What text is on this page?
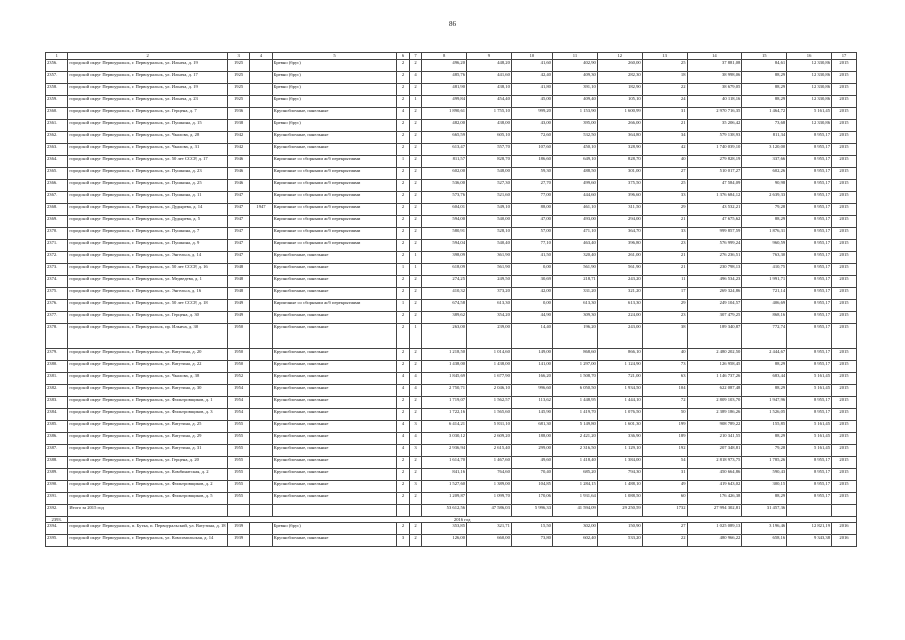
86
1	2	3	4	5	6	7	8	9	10	11	12	13	14	15	16	17
2356.	городской округ Первоуральск, г. Первоуральск, ул. Ильича, д. 19	1925		Бревно (брус)	2	2	496,20	448,20	41,60	402,90	260,00	25	37 881,08	84,61	12 330,86	2015
2357.	городской округ Первоуральск, г. Первоуральск, ул. Ильича, д. 17	1925		Бревно (брус)	2	4	485,76	441,60	42,40	409,30	282,30	18	38 998,06	88,29	12 330,86	2015
2358.	городской округ Первоуральск, г. Первоуральск, ул. Ильича, д. 19	1925		Бревно (брус)	2	2	481,90	438,10	41,80	391,10	182,90	22	38 679,05	88,29	12 330,86	2015
2359.	городской округ Первоуральск, г. Первоуральск, ул. Ильича, д. 23	1925		Бревно (брус)	2	1	499,84	454,40	45,00	409,40	105,10	24	40 118,16	88,29	12 330,86	2015
2360.	городской округ Первоуральск, г. Первоуральск, ул. Герцена, д. 7	1936		Крупноблочные, панельные	4	2	1 890,61	1 755,10	999,20	1 153,90	1 600,99	31	2 970 716,35	1 464,72	5 161,45	2015
2361.	городской округ Первоуральск, г. Первоуральск, ул. Пушкина, д. 15	1938		Бревно (брус)	2	2	482,00	438,00	43,00	395,00	266,00	21	35 206,42	73,68	12 330,86	2015
2362.	городской округ Первоуральск, г. Первоуральск, ул. Чкалова, д. 28	1942		Крупноблочные, панельные	2	2	665,59	605,10	72,60	532,50	364,80	34	579 138,93	811,34	8 955,17	2015
2363.	городской округ Первоуральск, г. Первоуральск, ул. Чкалова, д. 31	1942		Крупноблочные, панельные	2	2	613,47	557,70	107,60	450,10	328,90	42	1 740 039,10	3 120,00	8 955,17	2015
2364.	городской округ Первоуральск, г. Первоуральск, ул. 50 лет СССР, д. 17	1946		Кирпичные со сборными ж/б перекрытиями	1	2	811,57	828,70	186,60	649,10	828,70	40	279 828,19	337,66	8 955,17	2015
2365.	городской округ Первоуральск, г. Первоуральск, ул. Пушкина, д. 23	1946		Кирпичные со сборными ж/б перекрытиями	2	2	602,00	548,00	59,30	488,50	301,00	27	510 017,27	602,26	8 955,17	2015
2366.	городской округ Первоуральск, г. Первоуральск, ул. Пушкина, д. 25	1946		Кирпичные со сборными ж/б перекрытиями	2	2	536,00	527,30	27,70	499,60	375,50	25	47 584,09	90,98	8 955,17	2015
2367.	городской округ Первоуральск, г. Первоуральск, ул. Пушкина, д. 11	1947		Кирпичные со сборными ж/б перекрытиями	2	2	573,76	521,60	77,00	444,60	396,60	33	1 376 684,12	2 639,33	8 955,17	2015
2368.	городской округ Первоуральск, г. Первоуральск, ул. Дудырева, д. 14	1947	1947	Кирпичные со сборными ж/б перекрытиями	2	2	604,01	549,10	88,00	461,10	311,50	29	43 532,21	79,28	8 955,17	2015
2369.	городской округ Первоуральск, г. Первоуральск, ул. Дудырева, д. 5	1947		Кирпичные со сборными ж/б перекрытиями	2	2	594,00	540,00	47,00	493,00	294,00	21	47 675,62	88,29	8 955,17	2015
2370.	городской округ Первоуральск, г. Первоуральск, ул. Пушкина, д. 7	1947		Кирпичные со сборными ж/б перекрытиями	2	2	580,91	528,10	57,00	471,10	364,70	33	999 857,59	1 876,31	8 955,17	2015
2371.	городской округ Первоуральск, г. Первоуральск, ул. Пушкина, д. 9	1947		Кирпичные со сборными ж/б перекрытиями	2	2	594,04	540,40	77,10	463,40	396,80	23	576 999,24	960,59	8 955,17	2015
2372.	городской округ Первоуральск, г. Первоуральск, ул. Энгельса, д. 14	1947		Крупноблочные, панельные	2	1	398,09	361,90	41,50	320,40	261,00	21	276 236,51	763,30	8 955,17	2015
2373.	городской округ Первоуральск, г. Первоуральск, ул. 50 лет СССР, д. 16	1948		Крупноблочные, панельные	1	1	618,09	561,90	0,00	561,90	561,90	21	230 798,13	410,75	8 955,17	2015
2374.	городской округ Первоуральск, г. Первоуральск, ул. Медведева, д. 1	1948		Крупноблочные, панельные	2	2	274,25	249,50	30,69	218,71	243,20	11	496 534,23	1 991,71	8 955,17	2015
2375.	городской округ Первоуральск, г. Первоуральск, ул. Энгельса, д. 16	1948		Крупноблочные, панельные	2	2	410,32	373,20	42,00	331,20	321,20	17	269 324,86	721,14	8 955,17	2015
2376.	городской округ Первоуральск, г. Первоуральск, ул. 50 лет СССР, д. 18	1949		Кирпичные со сборными ж/б перекрытиями	1	2	674,58	613,30	0,00	613,30	613,30	29	249 104,57	406,69	8 955,17	2015
2377.	городской округ Первоуральск, г. Первоуральск, ул. Герцена, д. 30	1949		Крупноблочные, панельные	2	2	389,62	354,20	44,90	309,30	224,00	23	307 479,25	868,16	8 955,17	2015
2378.	городской округ Первоуральск, г. Первоуральск, пр. Ильича, д. 30	1950		Крупноблочные, панельные	2	1	263,00	239,00	14,40	196,20	243,00	38	189 340,87	772,74	8 955,17	2015
2379.	городской округ Первоуральск, г. Первоуральск, ул. Ватутина, д. 20	1950		Крупноблочные, панельные	2	2	1 218,50	1 014,60	149,00	868,60	866,10	40	2 480 202,50	2 444,67	8 955,17	2015
2380.	городской округ Первоуральск, г. Первоуральск, ул. Ватутина, д. 22	1950		Крупноблочные, панельные	2	2	1 438,00	1 438,00	141,00	1 297,00	1 124,90	73	126 958,45	88,29	8 955,17	2015
2381.	городской округ Первоуральск, г. Первоуральск, ул. Чкалова, д. 38	1952		Крупноблочные, панельные	4	4	1 845,69	1 677,90	166,20	1 508,70	721,00	63	1 146 737,26	683,44	5 161,45	2015
2382.	городской округ Первоуральск, г. Первоуральск, ул. Ватутина, д. 30	1954		Крупноблочные, панельные	4	4	2 750,71	2 046,10	996,60	6 050,50	1 934,50	104	622 087,48	88,29	5 161,45	2015
2383.	городской округ Первоуральск, г. Первоуральск, ул. Фильтровщиков, д. 1	1954		Крупноблочные, панельные	2	2	1 719,07	1 562,57	113,62	1 448,95	1 444,10	72	2 809 103,70	1 947,96	8 955,17	2015
2384.	городской округ Первоуральск, г. Первоуральск, ул. Фильтровщиков, д. 3	1954		Крупноблочные, панельные	2	2	1 722,16	1 565,60	145,90	1 419,70	1 076,50	50	2 389 186,26	1 526,05	8 955,17	2015
2385.	городской округ Первоуральск, г. Первоуральск, ул. Ватутина, д. 25	1955		Крупноблочные, панельные	4	3	6 414,21	5 831,10	681,30	5 149,80	1 601,30	199	908 789,22	155,85	5 161,45	2015
2386.	городской округ Первоуральск, г. Первоуральск, ул. Ватутина, д. 29	1955		Крупноблочные, панельные	4	4	3 030,12	2 609,20	188,00	2 421,20	336,90	189	210 341,55	88,29	5 161,45	2015
2387.	городской округ Первоуральск, г. Первоуральск, ул. Ватутина, д. 31	1955		Крупноблочные, панельные	4	3	2 936,94	2 615,40	299,00	2 316,50	1 129,10	192	207 348,81	79,28	5 161,45	2015
2388.	городской округ Первоуральск, г. Первоуральск, ул. Герцена, д. 20	1955		Крупноблочные, панельные	2	2	1 614,70	1 467,60	49,60	1 418,40	1 384,00	54	2 818 973,75	1 785,26	8 955,17	2015
2389.	городской округ Первоуральск, г. Первоуральск, ул. Комбинатская, д. 2	1955		Крупноблочные, панельные	2	2	841,16	764,60	70,40	685,20	794,30	31	450 664,86	590,43	8 955,17	2015
2390.	городской округ Первоуральск, г. Первоуральск, ул. Фильтровщиков, д. 2	1955		Крупноблочные, панельные	2	3	1 527,60	1 389,00	104,85	1 284,15	1 488,10	49	419 643,02	300,15	8 955,17	2015
2391.	городской округ Первоуральск, г. Первоуральск, ул. Фильтровщиков, д. 5	1955		Крупноблочные, панельные	2	2	1 209,87	1 099,70	170,06	1 931,64	1 088,50	60	176 426,38	88,29	8 955,17	2015
2392.	Итого за 2015 год						53 612,56	47 586,03	5 996,33	41 594,09	29 250,59	1732	27 994 302,81	31 457,36		
2393.	2016 год															
2394.	городской округ Первоуральск, п. Бутка, п. Первоуральский, ул. Ватутина, д. 18	1939		Бревно (брус)	2	2	353,85	321,71	15,50	302,00	150,90	27	1 025 089,13	3 196,46	12 821,19	2016
2395.	городской округ Первоуральск, г. Первоуральск, ул. Комсомольская, д. 14	1939		Крупноблочные, панельные	3	2	126,00	660,00	73,80	602,40	533,20	22	480 966,22	658,16	9 343,38	2016
